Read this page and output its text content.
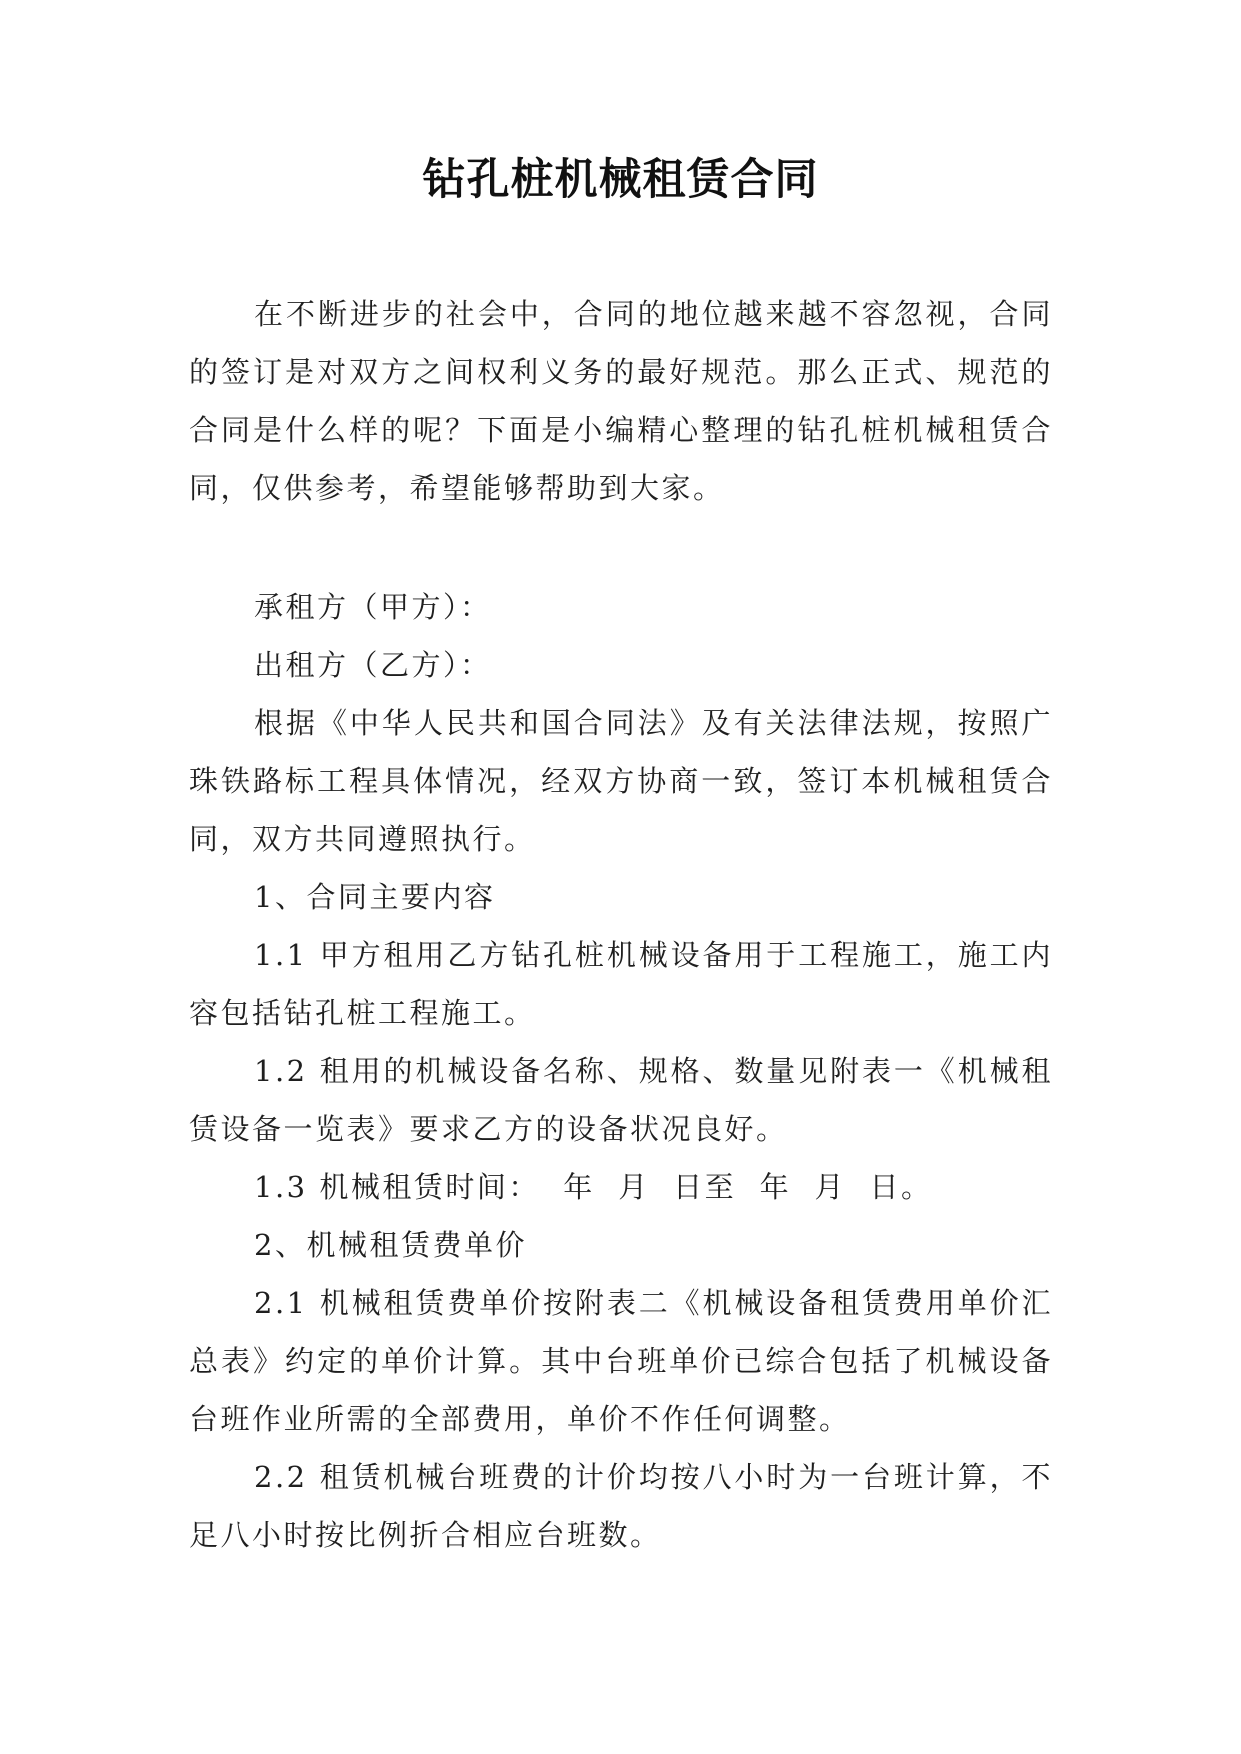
钻孔桩机械租赁合同

在不断进步的社会中，合同的地位越来越不容忽视，合同的签订是对双方之间权利义务的最好规范。那么正式、规范的合同是什么样的呢？下面是小编精心整理的钻孔桩机械租赁合同，仅供参考，希望能够帮助到大家。

承租方（甲方）：

出租方（乙方）：

根据《中华人民共和国合同法》及有关法律法规，按照广珠铁路标工程具体情况，经双方协商一致，签订本机械租赁合同，双方共同遵照执行。

1、合同主要内容

1.1 甲方租用乙方钻孔桩机械设备用于工程施工，施工内容包括钻孔桩工程施工。

1.2 租用的机械设备名称、规格、数量见附表一《机械租赁设备一览表》要求乙方的设备状况良好。

1.3 机械租赁时间：  年  月  日至  年  月  日。

2、机械租赁费单价

2.1 机械租赁费单价按附表二《机械设备租赁费用单价汇总表》约定的单价计算。其中台班单价已综合包括了机械设备台班作业所需的全部费用，单价不作任何调整。

2.2 租赁机械台班费的计价均按八小时为一台班计算，不足八小时按比例折合相应台班数。
